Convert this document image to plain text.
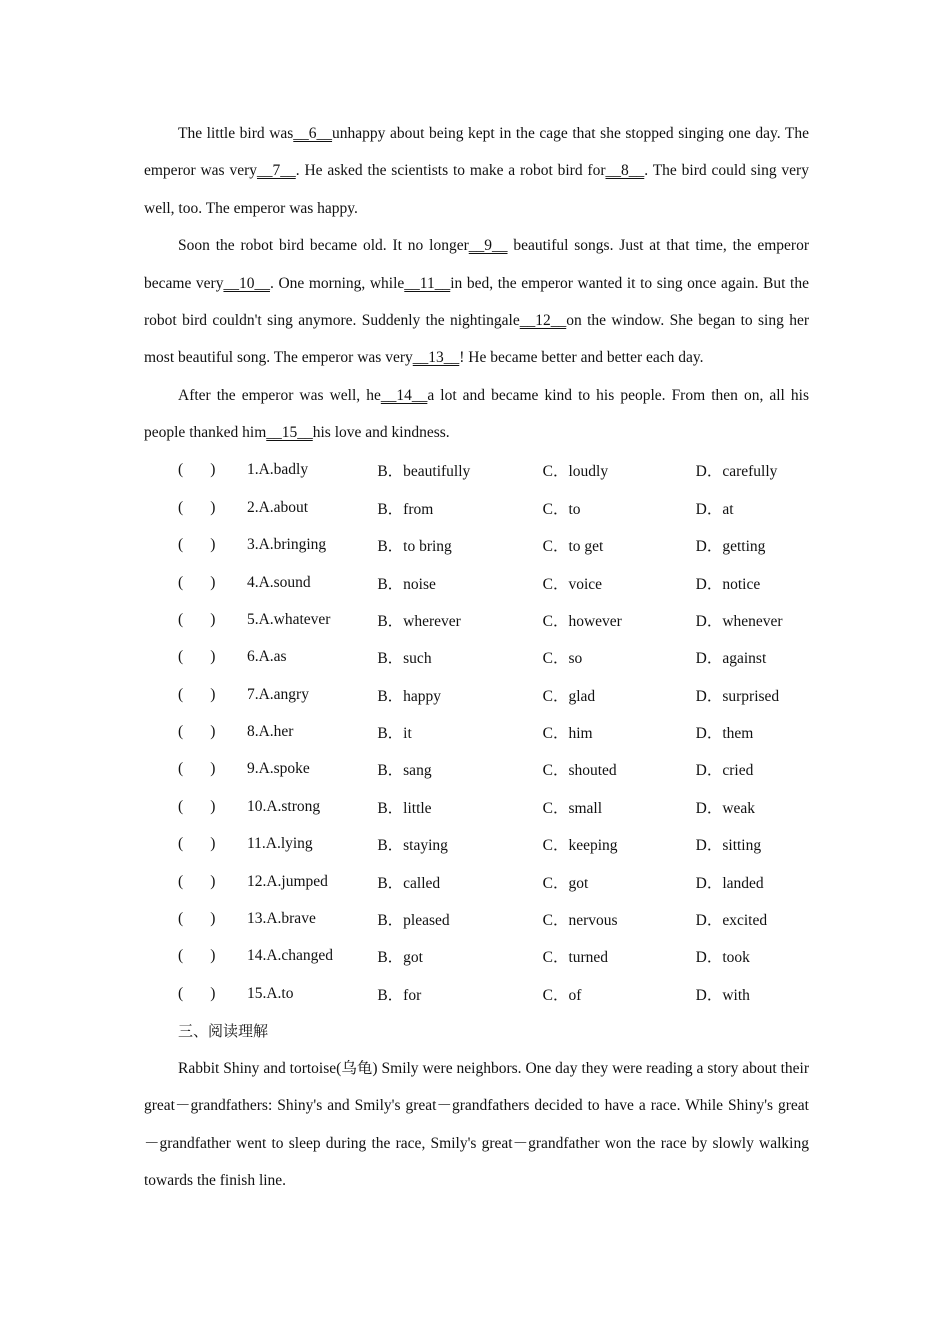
The little bird was__6__unhappy about being kept in the cage that she stopped singing one day. The emperor was very__7__. He asked the scientists to make a robot bird for__8__. The bird could sing very well, too. The emperor was happy.

Soon the robot bird became old. It no longer__9__ beautiful songs. Just at that time, the emperor became very__10__. One morning, while__11__in bed, the emperor wanted it to sing once again. But the robot bird couldn't sing anymore. Suddenly the nightingale__12__on the window. She began to sing her most beautiful song. The emperor was very__13__! He became better and better each day.

After the emperor was well, he__14__a lot and became kind to his people. From then on, all his people thanked him__15__his love and kindness.

(       )	1.A.badly	B．beautifully	C．loudly	D．carefully
(       )	2.A.about	B．from	C．to	D．at
(       )	3.A.bringing	B．to bring	C．to get	D．getting
(       )	4.A.sound	B．noise	C．voice	D．notice
(       )	5.A.whatever	B．wherever	C．however	D．whenever
(       )	6.A.as	B．such	C．so	D．against
(       )	7.A.angry	B．happy	C．glad	D．surprised
(       )	8.A.her	B．it	C．him	D．them
(       )	9.A.spoke	B．sang	C．shouted	D．cried
(       )	10.A.strong	B．little	C．small	D．weak
(       )	11.A.lying	B．staying	C．keeping	D．sitting
(       )	12.A.jumped	B．called	C．got	D．landed
(       )	13.A.brave	B．pleased	C．nervous	D．excited
(       )	14.A.changed	B．got	C．turned	D．took
(       )	15.A.to	B．for	C．of	D．with
三、阅读理解

Rabbit Shiny and tortoise(乌龟) Smily were neighbors. One day they were reading a story about their great－grandfathers: Shiny's and Smily's great－grandfathers decided to have a race. While Shiny's great－grandfather went to sleep during the race, Smily's great－grandfather won the race by slowly walking towards the finish line.
